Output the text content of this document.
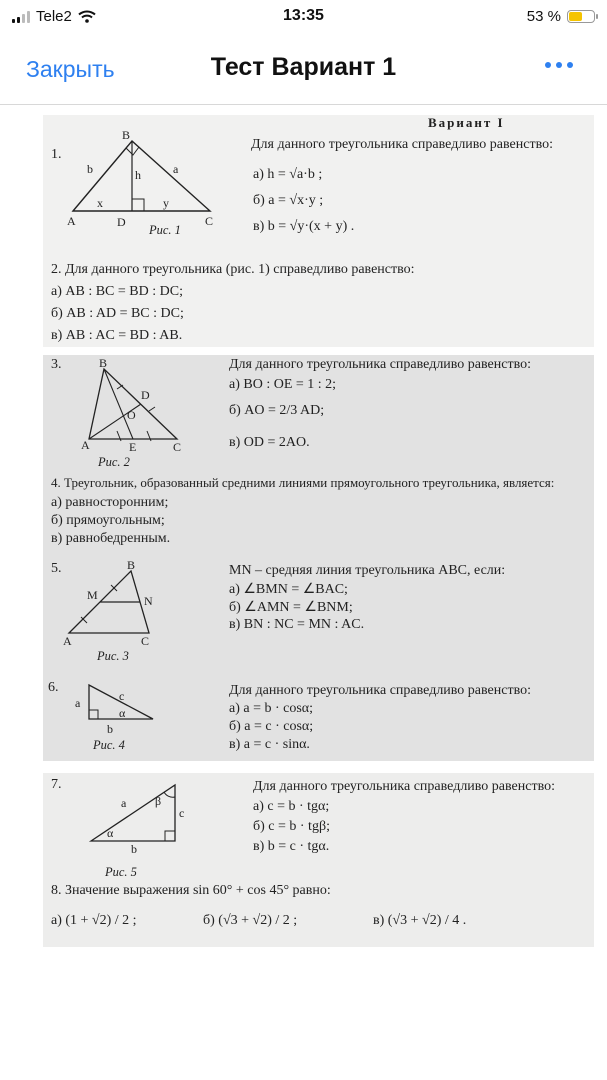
Tele2	13:35	53 %
Закрыть	Тест Вариант 1
Вариант I
1.
B
A	D	C
b	a
h
x	y
Рис. 1
Для данного треугольника справедливо равенство:
а) h = √a·b ;
б) a = √x·y ;
в) b = √y·(x + y) .
2. Для данного треугольника (рис. 1) справедливо равенство:
а) AB : BC = BD : DC;
б) AB : AD = BC : DC;
в) AB : AC = BD : AB.
3.	B
D
O
A	E	C
Рис. 2
Для данного треугольника справедливо равенство:
а) BO : OE = 1 : 2;
б) AO = 2/3 AD;
в) OD = 2AO.
4. Треугольник, образованный средними линиями прямоугольного треугольника, является:
а) равносторонним;
б) прямоугольным;
в) равнобедренным.
5.	B
M	N
A	C
Рис. 3
MN – средняя линия треугольника ABC, если:
а) ∠BMN = ∠BAC;
б) ∠AMN = ∠BNM;
в) BN : NC = MN : AC.
6.
a	c
α
b
Рис. 4
Для данного треугольника справедливо равенство:
а) a = b · cosα;
б) a = c · cosα;
в) a = c · sinα.
7.
a
c
β
α
b
Рис. 5
Для данного треугольника справедливо равенство:
а) c = b · tgα;
б) c = b · tgβ;
в) b = c · tgα.
8. Значение выражения sin 60° + cos 45° равно:
а) (1 + √2) / 2 ;	б) (√3 + √2) / 2 ;	в) (√3 + √2) / 4 .
